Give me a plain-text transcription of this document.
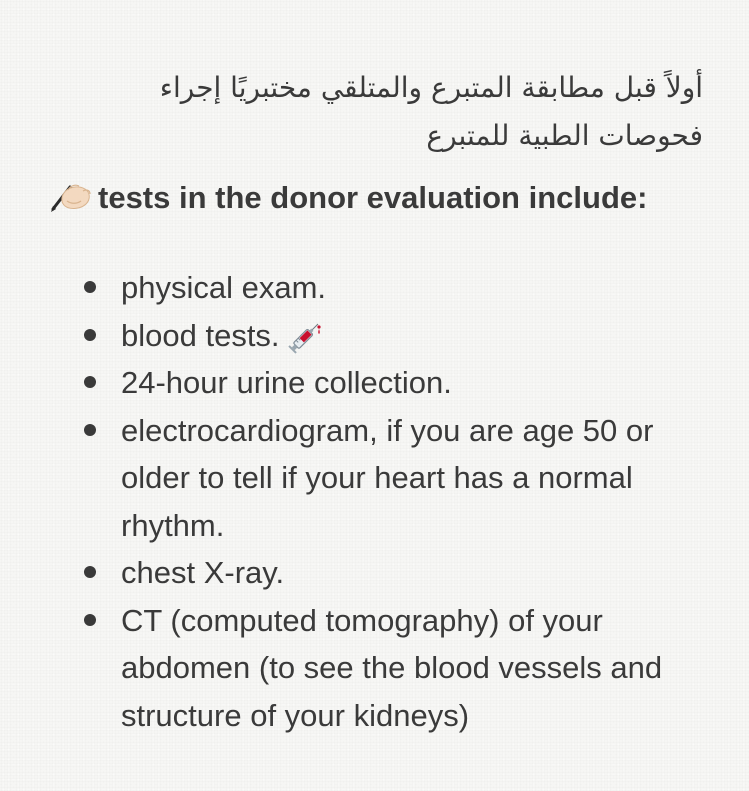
أولاً قبل مطابقة المتبرع والمتلقي مختبريًا إجراء فحوصات الطبية للمتبرع
tests in the donor evaluation include:
physical exam.
blood tests.
24-hour urine collection.
electrocardiogram, if you are age 50 or older to tell if your heart has a normal rhythm.
chest X-ray.
CT (computed tomography) of your abdomen (to see the blood vessels and structure of your kidneys)
